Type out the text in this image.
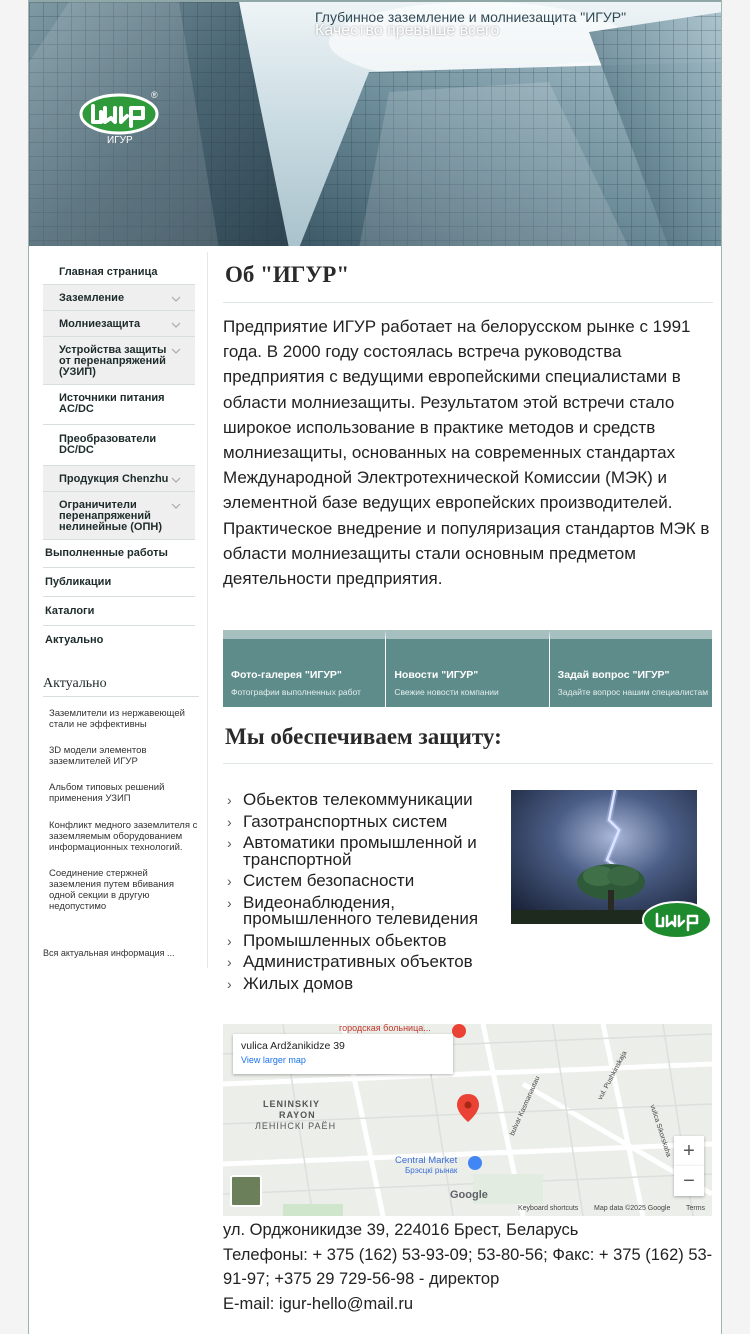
Глубинное заземление и молниезащита "ИГУР"
Качество превыше всего
®
ИГУР
Главная страница
Заземление
Молниезащита
Устройства защиты от перенапряжений (УЗИП)
Источники питания AC/DC
Преобразователи DC/DC
Продукция Chenzhu
Ограничители перенапряжений нелинейные (ОПН)
Выполненные работы
Публикации
Каталоги
Актуально
Актуально
Заземлители из нержавеющей стали не эффективны
3D модели элементов заземлителей ИГУР
Альбом типовых решений применения УЗИП
Конфликт медного заземлителя с заземляемым оборудованием информационных технологий.
Соединение стержней заземления путем вбивания одной секции в другую недопустимо
Вся актуальная информация ...
Об "ИГУР"

Предприятие ИГУР работает на белорусском рынке с 1991 года. В 2000 году состоялась встреча руководства предприятия с ведущими европейскими специалистами в области молниезащиты. Результатом этой встречи стало широкое использование в практике методов и средств молниезащиты, основанных на современных стандартах Международной Электротехнической Комиссии (МЭК) и элементной базе ведущих европейских производителей. Практическое внедрение и популяризация стандартов МЭК в области молниезащиты стали основным предметом деятельности предприятия.

Фото-галерея "ИГУР"
Фотографии выполненных работ
Новости "ИГУР"
Свежие новости компании
Задай вопрос "ИГУР"
Задайте вопрос нашим специалистам
Мы обеспечиваем защиту:
› Обьектов телекоммуникации
› Газотранспортных систем
› Автоматики промышленной и транспортной
› Систем безопасности
› Видеонаблюдения, промышленного телевидения
› Промышленных обьектов
› Административных объектов
› Жилых домов
городская больница...
vulica Ardžanikidze 39
View larger map
LENINSKIY
RAYON
ЛЕНІНСКІ РАЁН
Central Market
Брэсцкі рынак
vul. Pushkinskaja
vulica Sikorskaha
bulvar Kasmanautau
Google
+
−
Keyboard shortcuts Map data ©2025 Google Terms
ул. Орджоникидзе 39, 224016 Брест, Беларусь
Телефоны: + 375 (162) 53-93-09; 53-80-56; Факс: + 375 (162) 53-91-97; +375 29 729-56-98 - директор
E-mail: igur-hello@mail.ru
